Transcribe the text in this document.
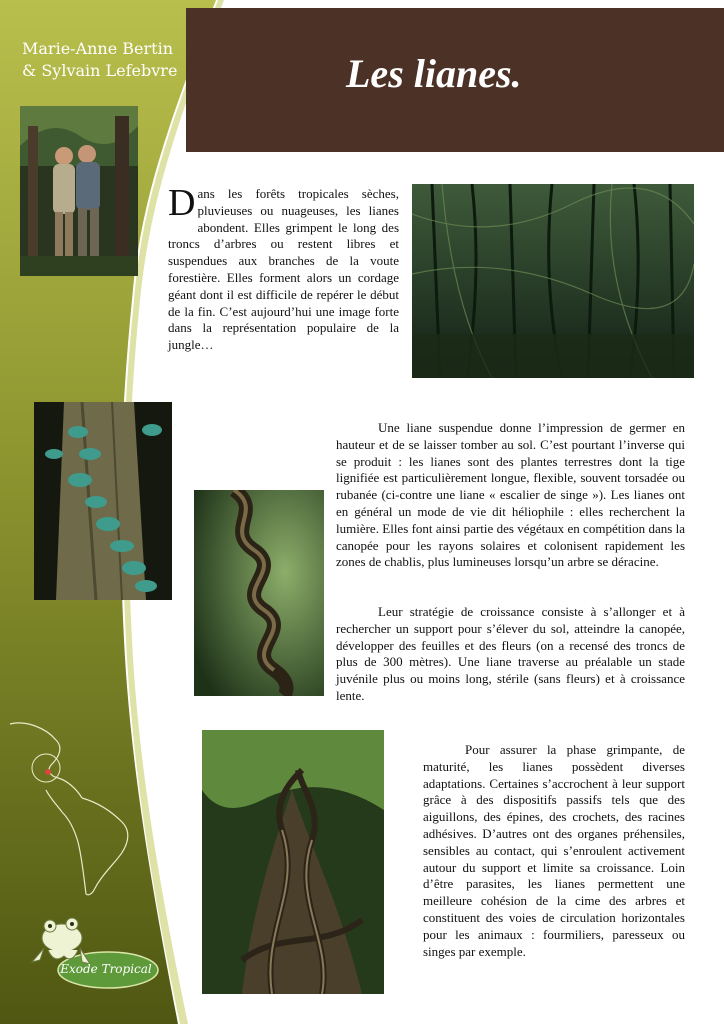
Marie-Anne Bertin
& Sylvain Lefebvre	Les lianes.
Dans les forêts tropicales sèches, pluvieuses ou nuageuses, les lianes abondent. Elles grimpent le long des troncs d’arbres ou restent libres et suspendues aux branches de la voute forestière. Elles forment alors un cordage géant dont il est difficile de repérer le début de la fin. C’est aujourd’hui une image forte dans la représentation populaire de la jungle…

Une liane suspendue donne l’impression de germer en hauteur et de se laisser tomber au sol. C’est pourtant l’inverse qui se produit : les lianes sont des plantes terrestres dont la tige lignifiée est particulièrement longue, flexible, souvent torsadée ou rubanée (ci-contre une liane « escalier de singe »). Les lianes ont en général un mode de vie dit héliophile : elles recherchent la lumière. Elles font ainsi partie des végétaux en compétition dans la canopée pour les rayons solaires et colonisent rapidement les zones de chablis, plus lumineuses lorsqu’un arbre se déracine.

Leur stratégie de croissance consiste à s’allonger et à rechercher un support pour s’élever du sol, atteindre la canopée, développer des feuilles et des fleurs (on a recensé des troncs de plus de 300 mètres). Une liane traverse au préalable un stade juvénile plus ou moins long, stérile (sans fleurs) et à croissance lente.

Pour assurer la phase grimpante, de maturité, les lianes possèdent diverses adaptations. Certaines s’accrochent à leur support grâce à des dispositifs passifs tels que des aiguillons, des épines, des crochets, des racines adhésives. D’autres ont des organes préhensiles, sensibles au contact, qui s’enroulent activement autour du support et limite sa croissance. Loin d’être parasites, les lianes permettent une meilleure cohésion de la cime des arbres et constituent des voies de circulation horizontales pour les animaux : fourmiliers, paresseux ou singes par exemple.

Exode Tropical
